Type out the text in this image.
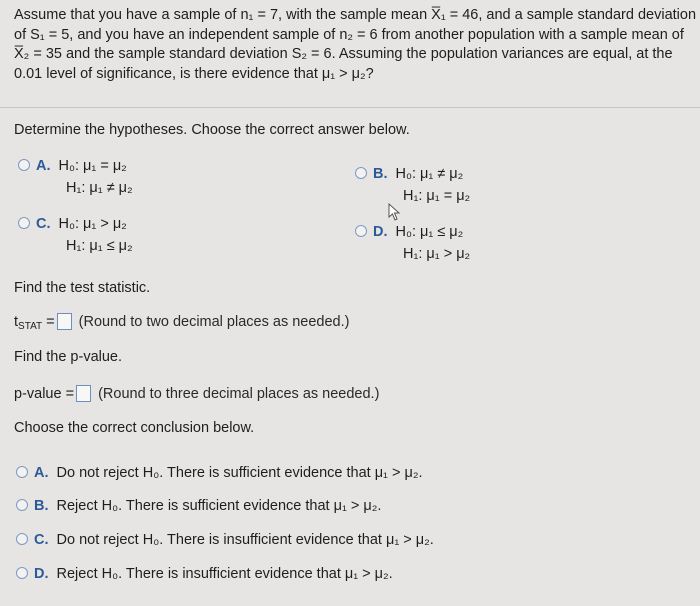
Assume that you have a sample of n₁ = 7, with the sample mean X̅₁ = 46, and a sample standard deviation of S₁ = 5, and you have an independent sample of n₂ = 6 from another population with a sample mean of X̅₂ = 35 and the sample standard deviation S₂ = 6. Assuming the population variances are equal, at the 0.01 level of significance, is there evidence that μ₁ > μ₂?
Determine the hypotheses. Choose the correct answer below.
A. H₀: μ₁ = μ₂
H₁: μ₁ ≠ μ₂
B. H₀: μ₁ ≠ μ₂
H₁: μ₁ = μ₂
C. H₀: μ₁ > μ₂
H₁: μ₁ ≤ μ₂
D. H₀: μ₁ ≤ μ₂
H₁: μ₁ > μ₂
Find the test statistic.
$t_{STAT}$ = (Round to two decimal places as needed.)
Find the p-value.
p-value = (Round to three decimal places as needed.)
Choose the correct conclusion below.
A. Do not reject H₀. There is sufficient evidence that μ₁ > μ₂.
B. Reject H₀. There is sufficient evidence that μ₁ > μ₂.
C. Do not reject H₀. There is insufficient evidence that μ₁ > μ₂.
D. Reject H₀. There is insufficient evidence that μ₁ > μ₂.
